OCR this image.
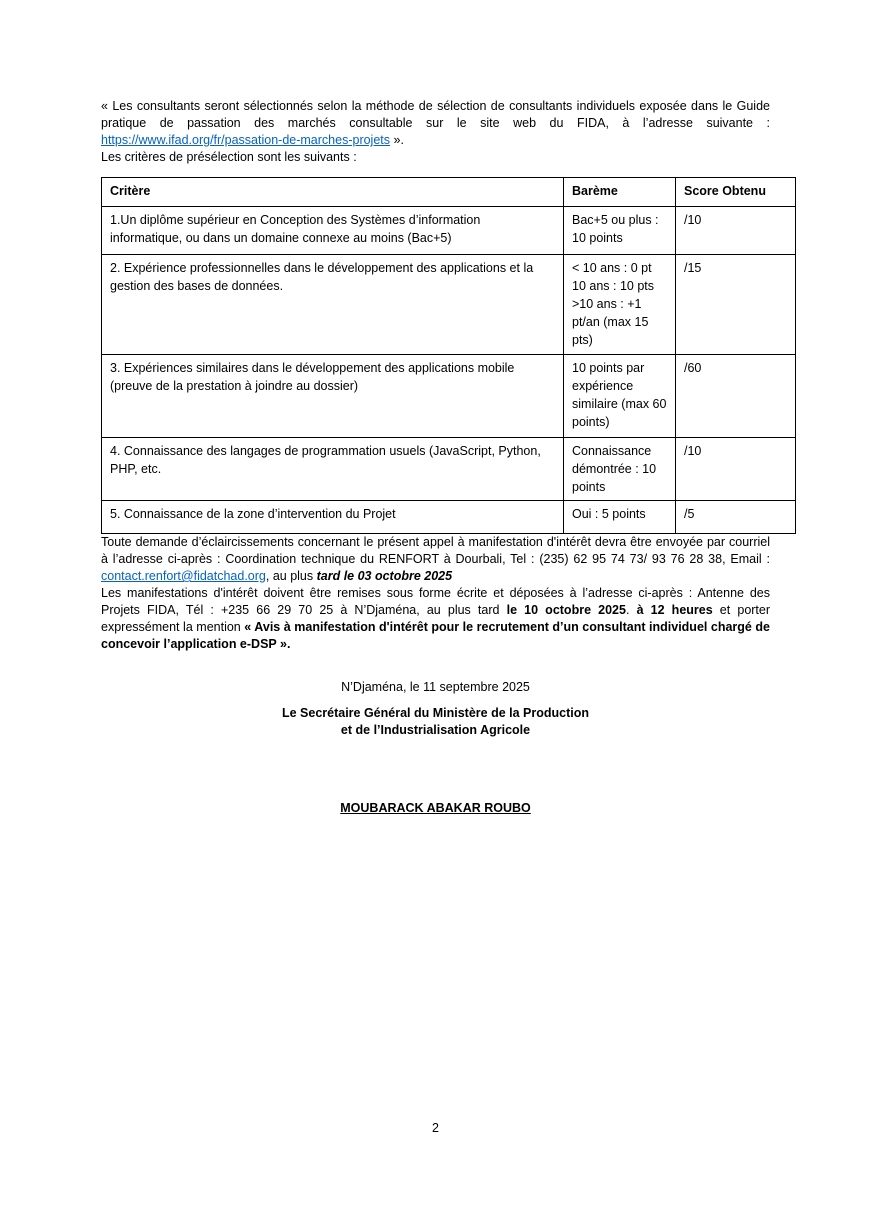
« Les consultants seront sélectionnés selon la méthode de sélection de consultants individuels exposée dans le Guide pratique de passation des marchés consultable sur le site web du FIDA, à l’adresse suivante : https://www.ifad.org/fr/passation-de-marches-projets ».

Les critères de présélection sont les suivants :

Critère	Barème	Score Obtenu
1.Un diplôme supérieur en Conception des Systèmes d’information informatique, ou dans un domaine connexe au moins (Bac+5)	Bac+5 ou plus : 10 points	/10
2. Expérience professionnelles dans le développement des applications et la gestion des bases de données.	< 10 ans : 0 pt 10 ans : 10 pts >10 ans : +1 pt/an (max 15 pts)	/15
3. Expériences similaires dans le développement des applications mobile (preuve de la prestation à joindre au dossier)	10 points par expérience similaire (max 60 points)	/60
4. Connaissance des langages de programmation usuels (JavaScript, Python, PHP, etc.	Connaissance démontrée : 10 points	/10
5. Connaissance de la zone d’intervention du Projet	Oui : 5 points	/5

Toute demande d’éclaircissements concernant le présent appel à manifestation d'intérêt devra être envoyée par courriel à l’adresse ci-après : Coordination technique du RENFORT à Dourbali, Tel : (235) 62 95 74 73/ 93 76 28 38, Email : contact.renfort@fidatchad.org, au plus tard le 03 octobre 2025

Les manifestations d'intérêt doivent être remises sous forme écrite et déposées à l’adresse ci-après : Antenne des Projets FIDA, Tél : +235 66 29 70 25 à N’Djaména, au plus tard le 10 octobre 2025. à 12 heures et porter expressément la mention « Avis à manifestation d'intérêt pour le recrutement d’un consultant individuel chargé de concevoir l’application e-DSP ».

N’Djaména, le 11 septembre 2025

Le Secrétaire Général du Ministère de la Production
et de l’Industrialisation Agricole

MOUBARACK ABAKAR ROUBO

2
